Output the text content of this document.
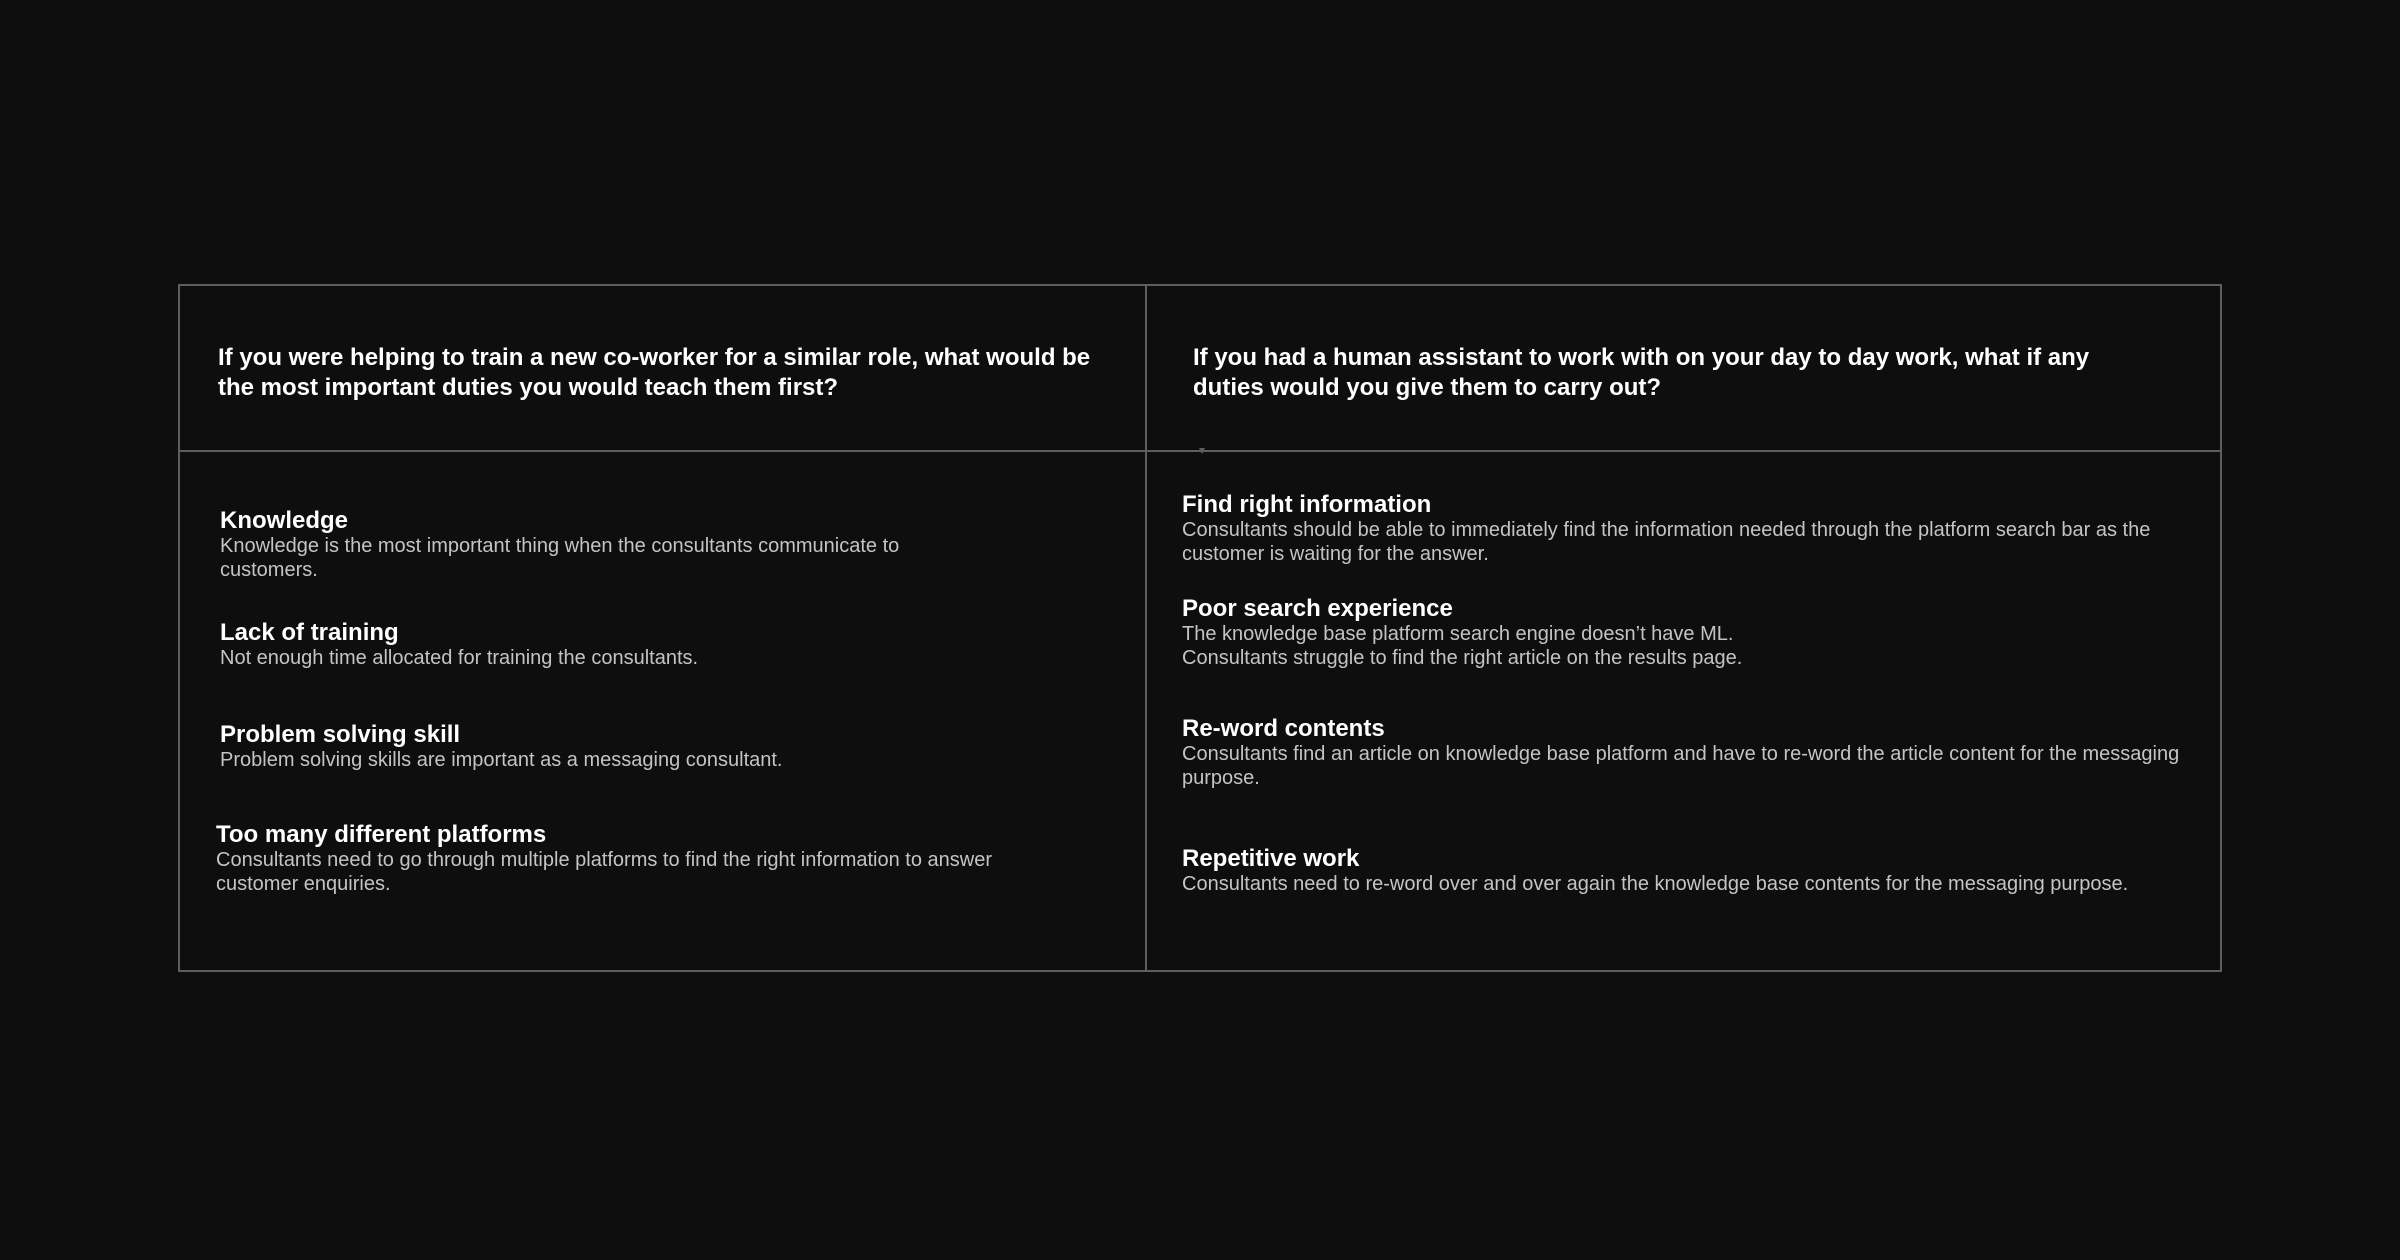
If you were helping to train a new co-worker for a similar role, what would be the most important duties you would teach them first?
If you had a human assistant to work with on your day to day work, what if any duties would you give them to carry out?
Knowledge
Knowledge is the most important thing when the consultants communicate to customers.
Lack of training
Not enough time allocated for training the consultants.
Problem solving skill
Problem solving skills are important as a messaging consultant.
Too many different platforms
Consultants need to go through multiple platforms to find the right information to answer customer enquiries.
Find right information
Consultants should be able to immediately find the information needed through the platform search bar as the customer is waiting for the answer.
Poor search experience
The knowledge base platform search engine doesn’t have ML.
Consultants struggle to find the right article on the results page.
Re-word contents
Consultants find an article on knowledge base platform and have to re-word the article content for the messaging purpose.
Repetitive work
Consultants need to re-word over and over again the knowledge base contents for the messaging purpose.
